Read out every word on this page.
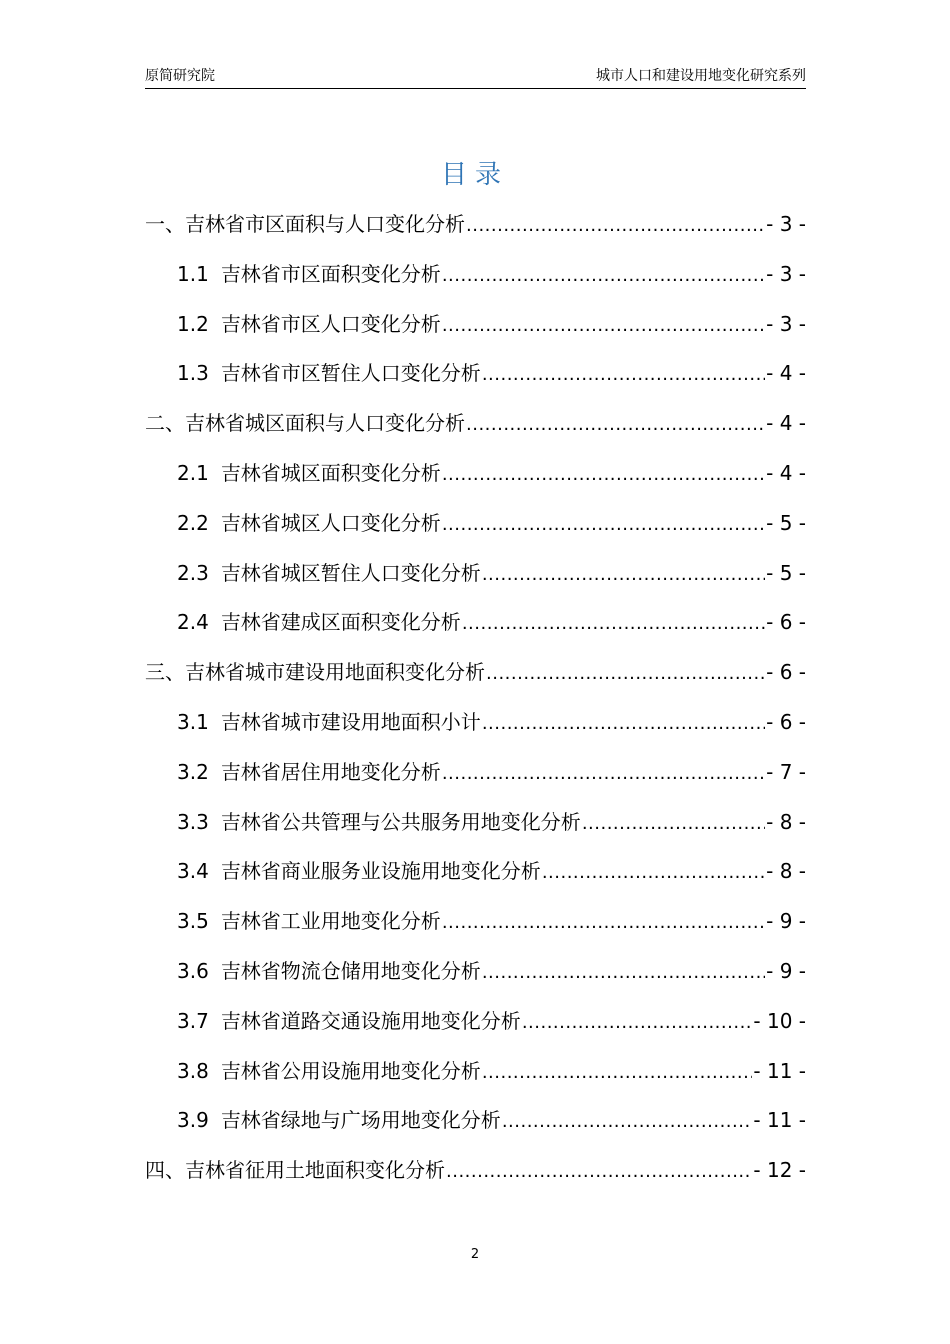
原简研究院	城市人口和建设用地变化研究系列
目录
一、吉林省市区面积与人口变化分析 .....	- 3 -
1.1 吉林省市区面积变化分析 .....	- 3 -
1.2 吉林省市区人口变化分析 .....	- 3 -
1.3 吉林省市区暂住人口变化分析 .....	- 4 -
二、吉林省城区面积与人口变化分析 .....	- 4 -
2.1 吉林省城区面积变化分析 .....	- 4 -
2.2 吉林省城区人口变化分析 .....	- 5 -
2.3 吉林省城区暂住人口变化分析 .....	- 5 -
2.4 吉林省建成区面积变化分析 .....	- 6 -
三、吉林省城市建设用地面积变化分析 .....	- 6 -
3.1 吉林省城市建设用地面积小计 .....	- 6 -
3.2 吉林省居住用地变化分析 .....	- 7 -
3.3 吉林省公共管理与公共服务用地变化分析 .....	- 8 -
3.4 吉林省商业服务业设施用地变化分析 .....	- 8 -
3.5 吉林省工业用地变化分析 .....	- 9 -
3.6 吉林省物流仓储用地变化分析 .....	- 9 -
3.7 吉林省道路交通设施用地变化分析 .....	- 10 -
3.8 吉林省公用设施用地变化分析 .....	- 11 -
3.9 吉林省绿地与广场用地变化分析 .....	- 11 -
四、吉林省征用土地面积变化分析 .....	- 12 -
2
